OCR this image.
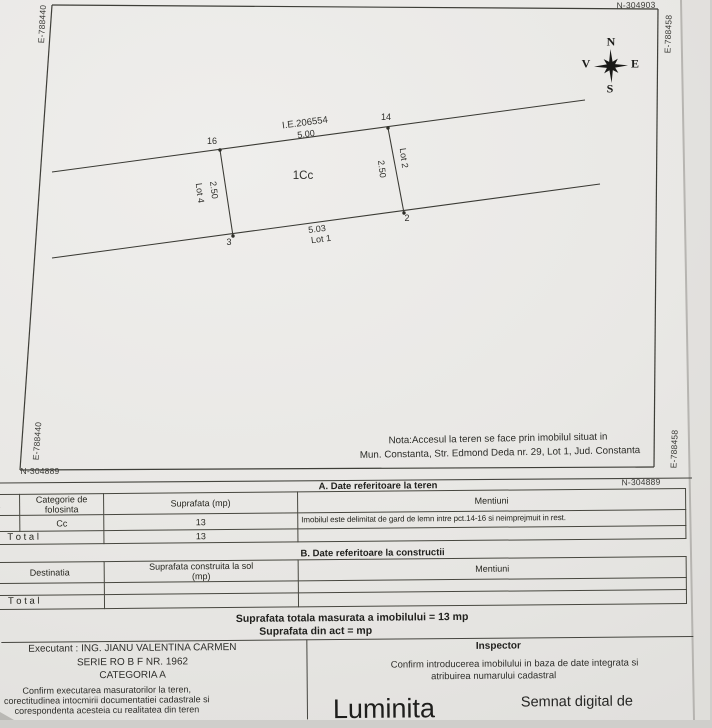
E-788440
E-788440
N-304889
N-304903
E-788458
E-788458
N-304889
N
E
S
V
I.E.206554
5.00
1Cc
16
14
3
2
2.50
Lot 4
2.50
Lot 2
5.03
Lot 1
Nota:Accesul la teren se face prin imobilul situat in
Mun. Constanta, Str. Edmond Deda nr. 29, Lot 1, Jud. Constanta
A. Date referitoare la teren

Categorie de
folosinta	Suprafata (mp)	Mentiuni
	Cc	13	Imobilul este delimitat de gard de lemn intre pct.14-16 si neimprejmuit in rest.
T o t a l		13	
B. Date referitoare la constructii
Destinatia	Suprafata construita la sol
(mp)	Mentiuni

T o t a l		
Suprafata totala masurata a imobilului = 13 mp
Suprafata din act = mp
Executant : ING. JIANU VALENTINA CARMEN
SERIE RO B F NR. 1962
CATEGORIA A
Confirm executarea masuratorilor la teren,
corectitudinea intocmirii documentatiei cadastrale si
corespondenta acesteia cu realitatea din teren
Inspector
Confirm introducerea imobilului in baza de date integrata si
atribuirea numarului cadastral
Luminita	Semnat digital de
